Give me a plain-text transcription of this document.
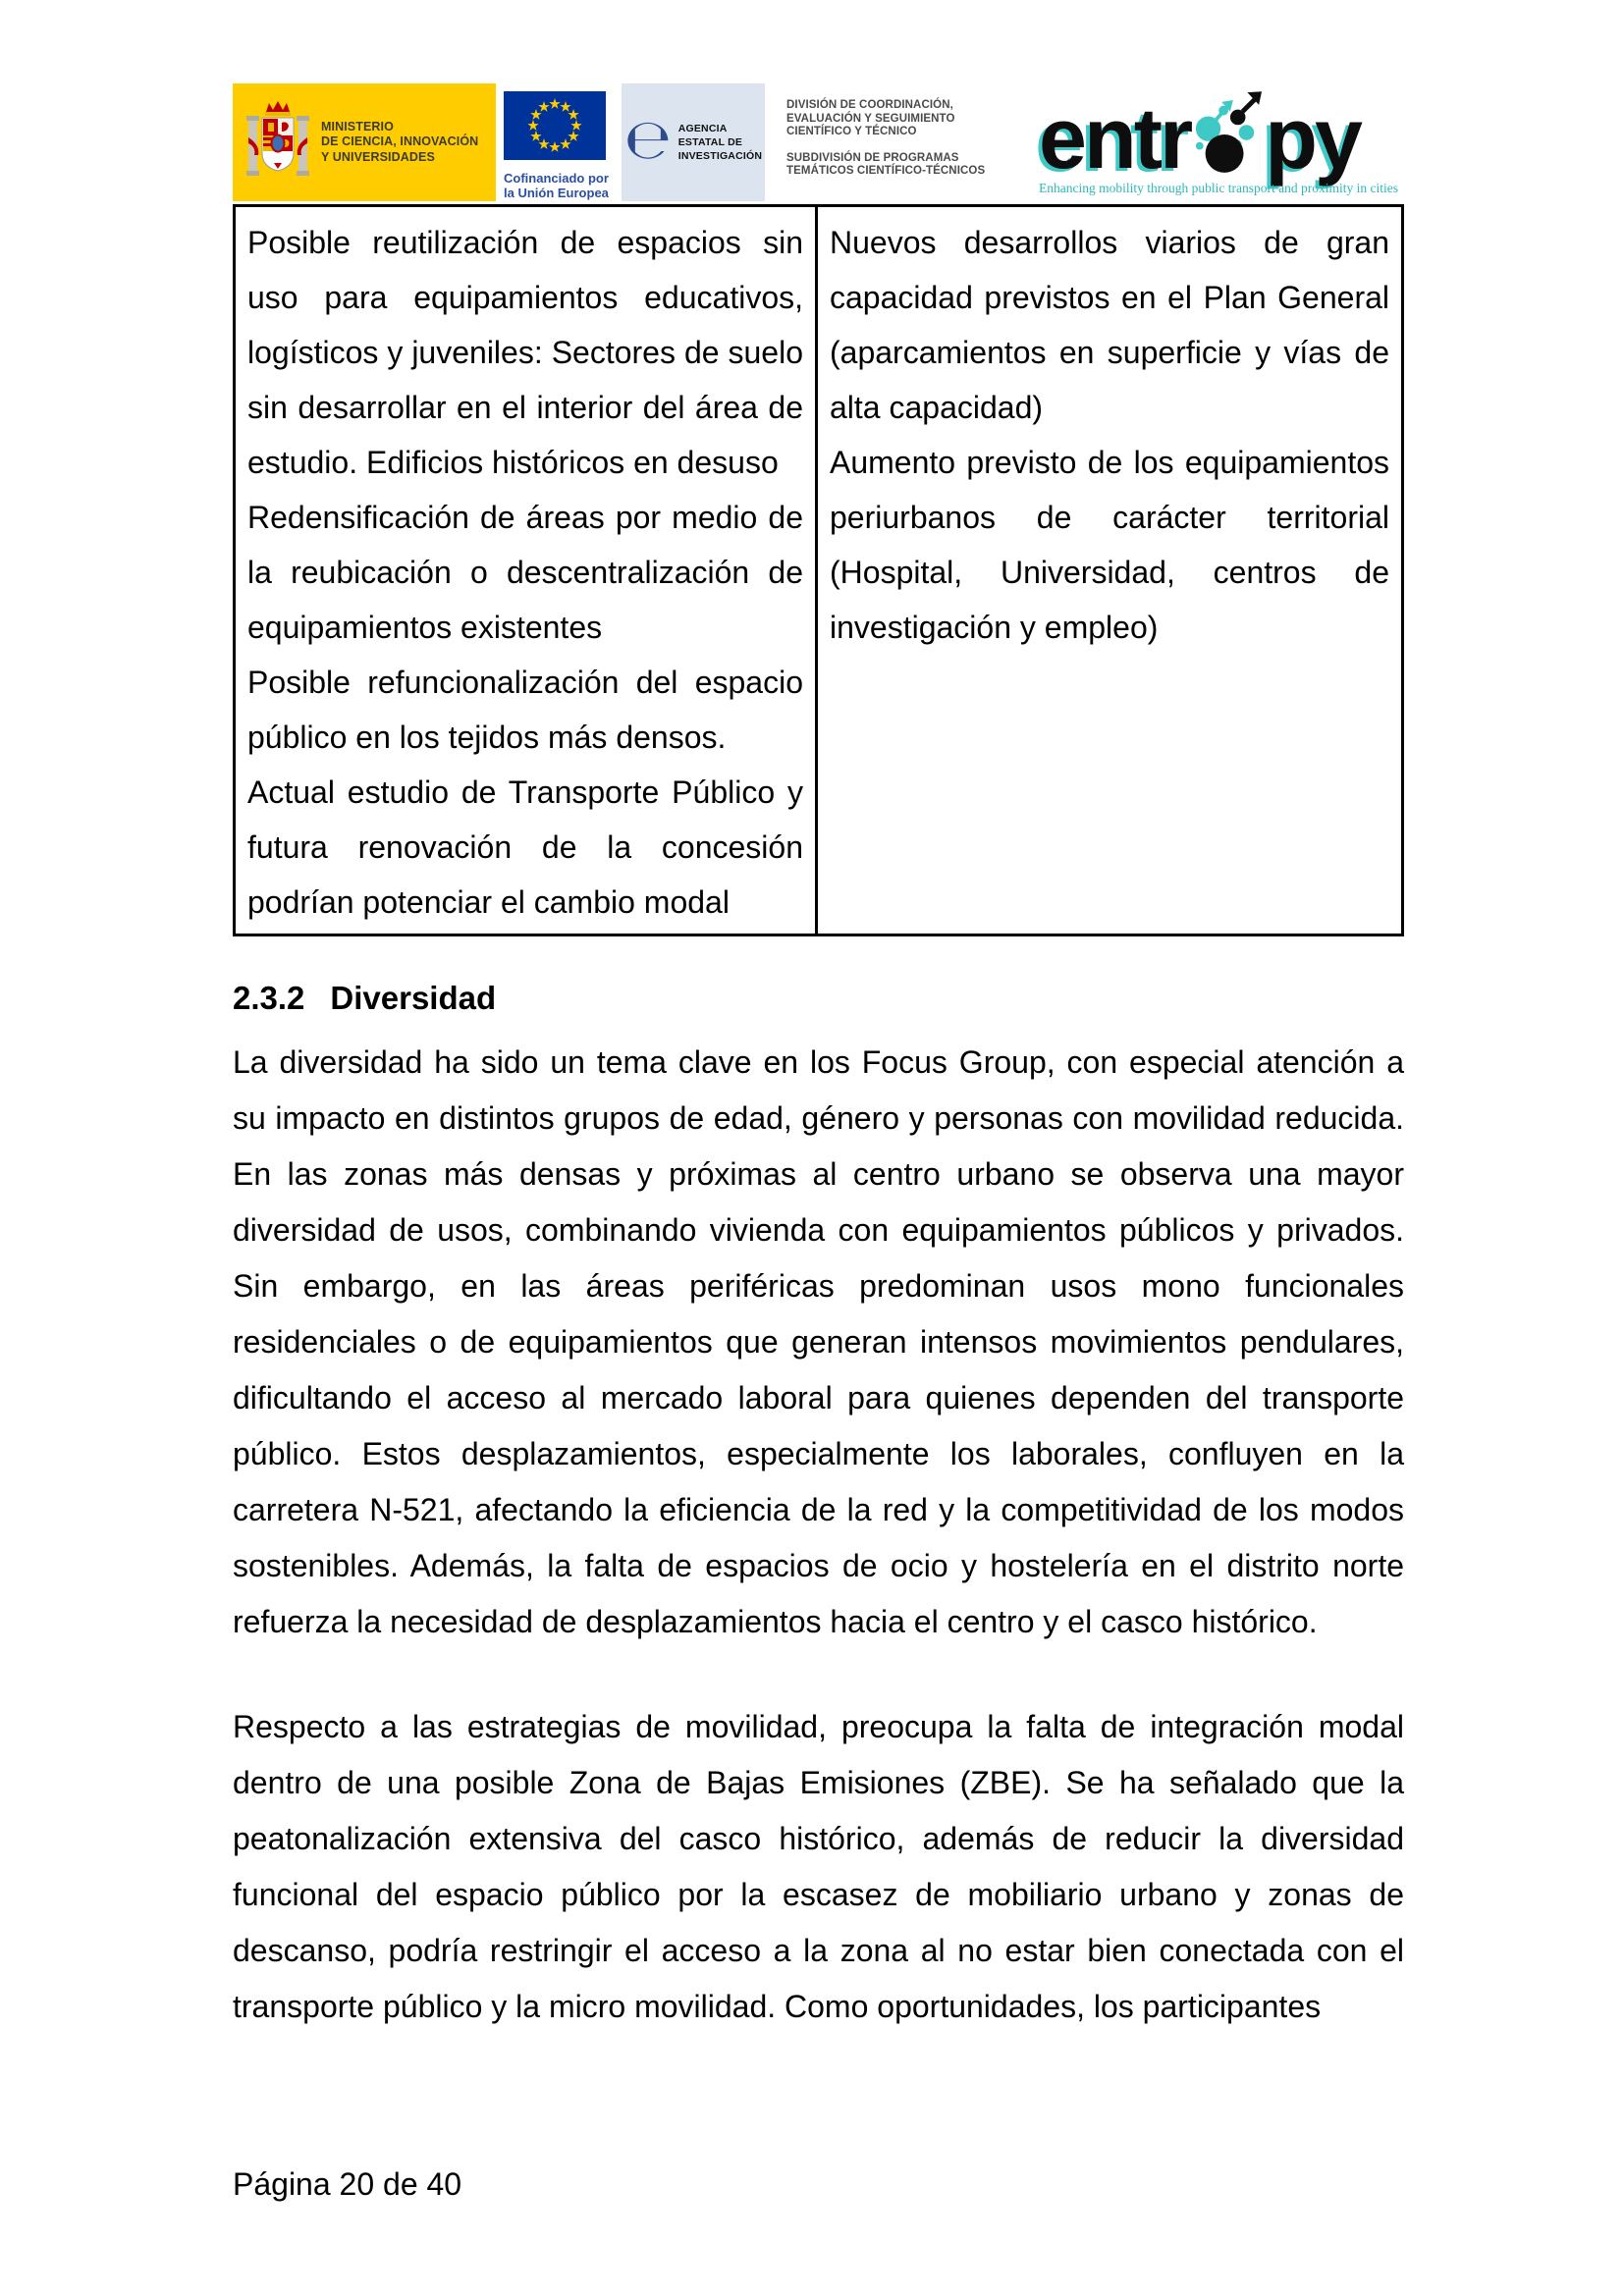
MINISTERIO
DE CIENCIA, INNOVACIÓN
Y UNIVERSIDADES
Cofinanciado por
la Unión Europea
℮ AGENCIA
ESTATAL DE
INVESTIGACIÓN
DIVISIÓN DE COORDINACIÓN,
EVALUACIÓN Y SEGUIMIENTO
CIENTÍFICO Y TÉCNICO
SUBDIVISIÓN DE PROGRAMAS
TEMÁTICOS CIENTÍFICO-TÉCNICOS entr py
Enhancing mobility through public transport and proximity in cities

Posible reutilización de espacios sin uso para equipamientos educativos, logísticos y juveniles: Sectores de suelo sin desarrollar en el interior del área de estudio. Edificios históricos en desuso

Redensificación de áreas por medio de la reubicación o descentralización de equipamientos existentes

Posible refuncionalización del espacio público en los tejidos más densos.

Actual estudio de Transporte Público y futura renovación de la concesión podrían potenciar el cambio modal

Nuevos desarrollos viarios de gran capacidad previstos en el Plan General (aparcamientos en superficie y vías de alta capacidad)

Aumento previsto de los equipamientos periurbanos de carácter territorial (Hospital, Universidad, centros de investigación y empleo)

2.3.2 Diversidad

La diversidad ha sido un tema clave en los Focus Group, con especial atención a su impacto en distintos grupos de edad, género y personas con movilidad reducida. En las zonas más densas y próximas al centro urbano se observa una mayor diversidad de usos, combinando vivienda con equipamientos públicos y privados. Sin embargo, en las áreas periféricas predominan usos mono funcionales residenciales o de equipamientos que generan intensos movimientos pendulares, dificultando el acceso al mercado laboral para quienes dependen del transporte público. Estos desplazamientos, especialmente los laborales, confluyen en la carretera N-521, afectando la eficiencia de la red y la competitividad de los modos sostenibles. Además, la falta de espacios de ocio y hostelería en el distrito norte refuerza la necesidad de desplazamientos hacia el centro y el casco histórico.

Respecto a las estrategias de movilidad, preocupa la falta de integración modal dentro de una posible Zona de Bajas Emisiones (ZBE). Se ha señalado que la peatonalización extensiva del casco histórico, además de reducir la diversidad funcional del espacio público por la escasez de mobiliario urbano y zonas de descanso, podría restringir el acceso a la zona al no estar bien conectada con el transporte público y la micro movilidad. Como oportunidades, los participantes

Página 20 de 40
